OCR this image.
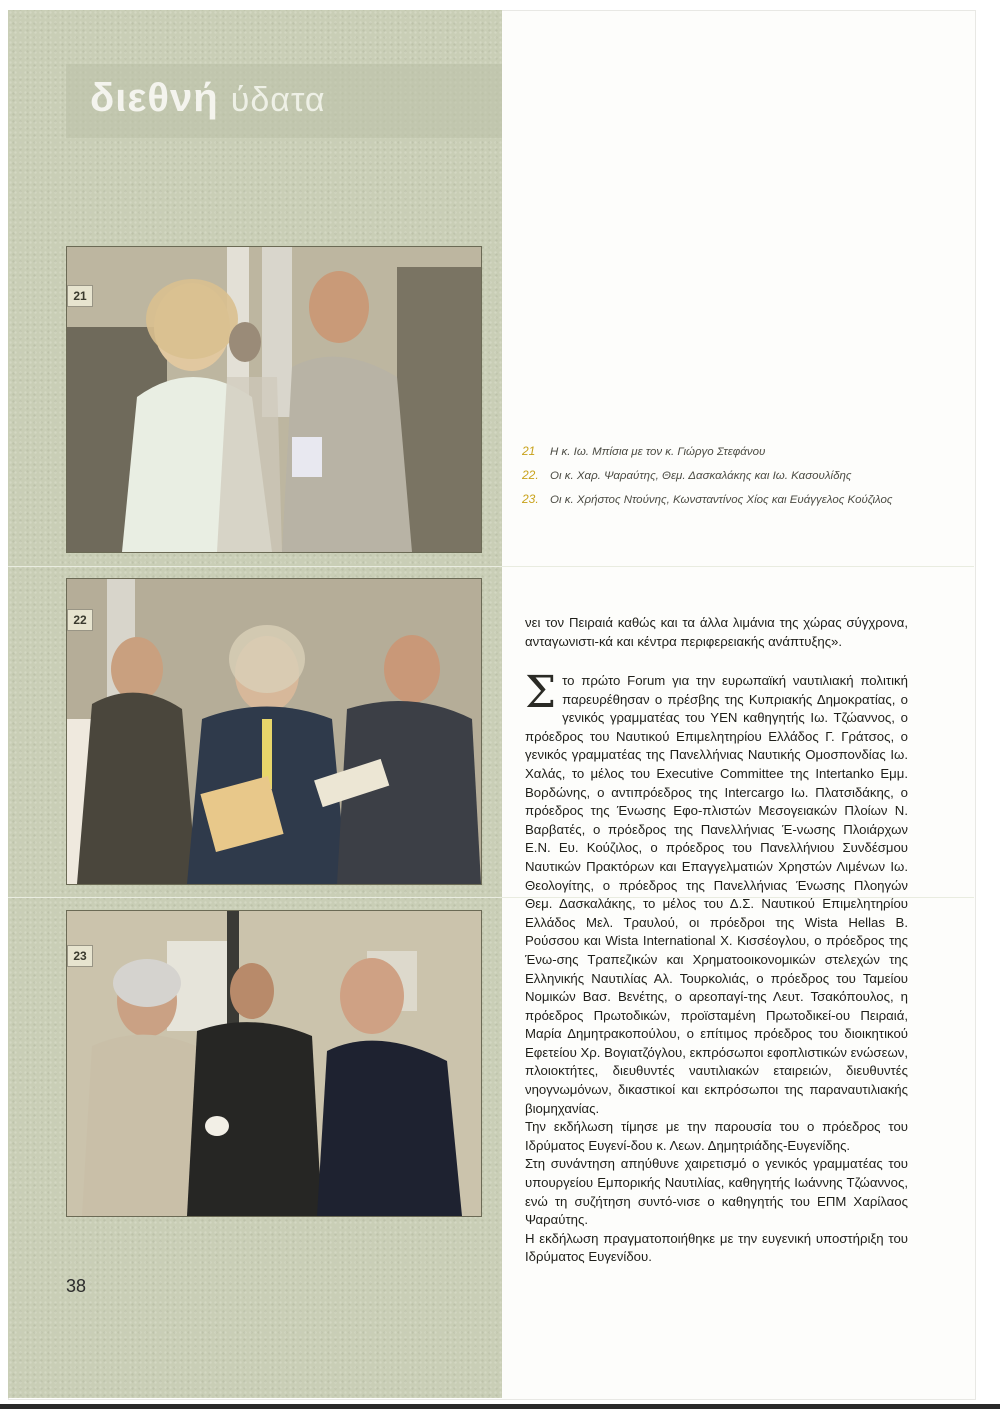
διεθνή ύδατα
21
22
23
21 Η κ. Ιω. Μπίσια με τον κ. Γιώργο Στεφάνου
22. Οι κ. Χαρ. Ψαραύτης, Θεμ. Δασκαλάκης και Ιω. Κασουλίδης
23. Οι κ. Χρήστος Ντούνης, Κωνσταντίνος Χίος και Ευάγγελος Κούζιλος

νει τον Πειραιά καθώς και τα άλλα λιμάνια της χώρας σύγχρονα, ανταγωνιστι-κά και κέντρα περιφερειακής ανάπτυξης».

Στο πρώτο Forum για την ευρωπαϊκή ναυτιλιακή πολιτική παρευρέθησαν ο πρέσβης της Κυπριακής Δημοκρατίας, ο γενικός γραμματέας του ΥΕΝ καθηγητής Ιω. Τζώαννος, ο πρόεδρος του Ναυτικού Επιμελητηρίου Ελλάδος Γ. Γράτσος, ο γενικός γραμματέας της Πανελλήνιας Ναυτικής Ομοσπονδίας Ιω. Χαλάς, το μέλος του Executive Committee της Intertanko Εμμ. Βορδώνης, ο αντιπρόεδρος της Intercargo Ιω. Πλατσιδάκης, ο πρόεδρος της Ένωσης Εφο-πλιστών Μεσογειακών Πλοίων Ν. Βαρβατές, ο πρόεδρος της Πανελλήνιας Έ-νωσης Πλοιάρχων Ε.Ν. Ευ. Κούζιλος, ο πρόεδρος του Πανελλήνιου Συνδέσμου Ναυτικών Πρακτόρων και Επαγγελματιών Χρηστών Λιμένων Ιω. Θεολογίτης, ο πρόεδρος της Πανελλήνιας Ένωσης Πλοηγών Θεμ. Δασκαλάκης, το μέλος του Δ.Σ. Ναυτικού Επιμελητηρίου Ελλάδος Μελ. Τραυλού, οι πρόεδροι της Wista Hellas Β. Ρούσσου και Wista International Χ. Κισσέογλου, ο πρόεδρος της Ένω-σης Τραπεζικών και Χρηματοοικονομικών στελεχών της Ελληνικής Ναυτιλίας Αλ. Τουρκολιάς, ο πρόεδρος του Ταμείου Νομικών Βασ. Βενέτης, ο αρεοπαγί-της Λευτ. Τσακόπουλος, η πρόεδρος Πρωτοδικών, προϊσταμένη Πρωτοδικεί-ου Πειραιά, Μαρία Δημητρακοπούλου, ο επίτιμος πρόεδρος του διοικητικού Εφετείου Χρ. Βογιατζόγλου, εκπρόσωποι εφοπλιστικών ενώσεων, πλοιοκτήτες, διευθυντές ναυτιλιακών εταιρειών, διευθυντές νηογνωμόνων, δικαστικοί και εκπρόσωποι της παραναυτιλιακής βιομηχανίας.

Την εκδήλωση τίμησε με την παρουσία του ο πρόεδρος του Ιδρύματος Ευγενί-δου κ. Λεων. Δημητριάδης-Ευγενίδης.

Στη συνάντηση απηύθυνε χαιρετισμό ο γενικός γραμματέας του υπουργείου Εμπορικής Ναυτιλίας, καθηγητής Ιωάννης Τζώαννος, ενώ τη συζήτηση συντό-νισε ο καθηγητής του ΕΠΜ Χαρίλαος Ψαραύτης.

Η εκδήλωση πραγματοποιήθηκε με την ευγενική υποστήριξη του Ιδρύματος Ευγενίδου.

38
